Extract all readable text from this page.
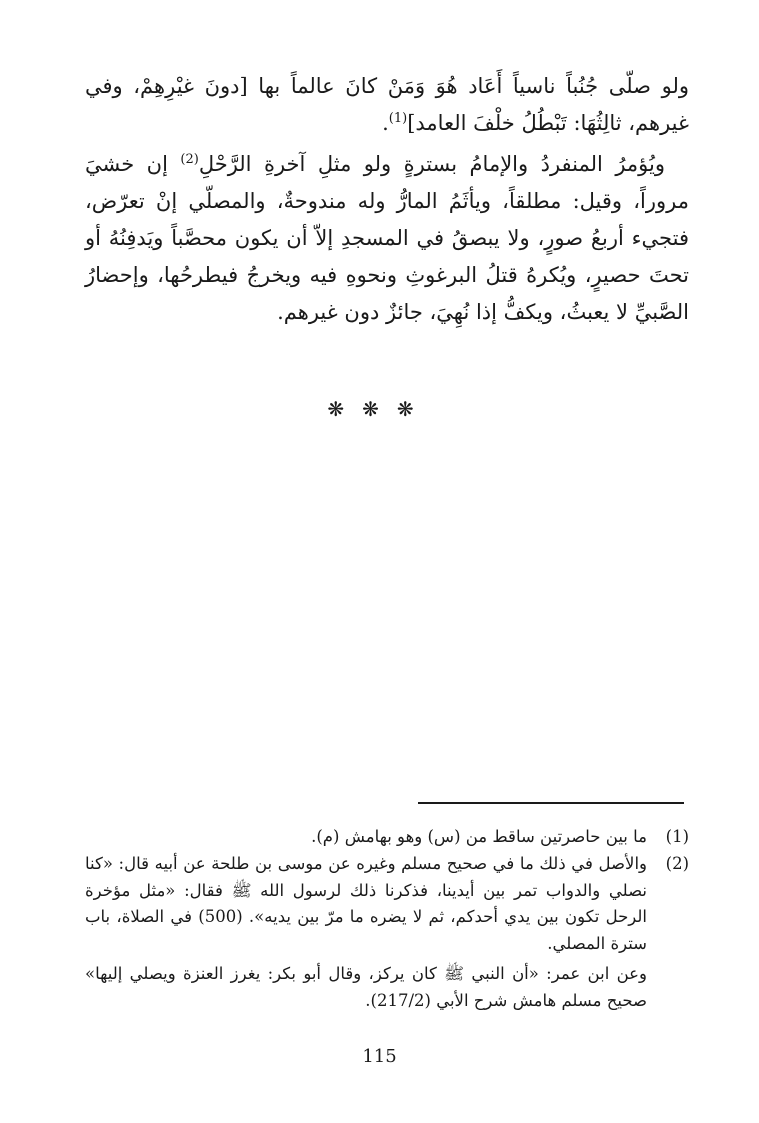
ولو صلّى جُنُباً ناسياً أَعَاد هُوَ وَمَنْ كانَ عالماً بها [دونَ غيْرِهِمْ، وفي غيرهم، ثالِثُهَا: تَبْطُلُ خلْفَ العامد]$^{(1)}$.

ويُؤمرُ المنفردُ والإمامُ بسترةٍ ولو مثلِ آخرةِ الرَّحْلِ$^{(2)}$ إن خشيَ مروراً، وقيل: مطلقاً، ويأثَمُ المارُّ وله مندوحةٌ، والمصلّي إنْ تعرّض، فتجيء أربعُ صورٍ، ولا يبصقُ في المسجدِ إلاّ أن يكون محصَّباً ويَدفِنُهُ أو تحتَ حصيرٍ، ويُكرهُ قتلُ البرغوثِ ونحوهِ فيه ويخرجُ فيطرحُها، وإحضارُ الصَّبيِّ لا يعبثُ، ويكفُّ إذا نُهِيَ، جائزٌ دون غيرهم.

❋❋❋
(1)
ما بين حاصرتين ساقط من (س) وهو بهامش (م).
(2)
والأصل في ذلك ما في صحيح مسلم وغيره عن موسى بن طلحة عن أبيه قال: «كنا نصلي والدواب تمر بين أيدينا، فذكرنا ذلك لرسول الله ﷺ فقال: «مثل مؤخرة الرحل تكون بين يدي أحدكم، ثم لا يضره ما مرّ بين يديه». (500) في الصلاة، باب سترة المصلي.
وعن ابن عمر: «أن النبي ﷺ كان يركز، وقال أبو بكر: يغرز العنزة ويصلي إليها» صحيح مسلم هامش شرح الأبي (217/2).
115
